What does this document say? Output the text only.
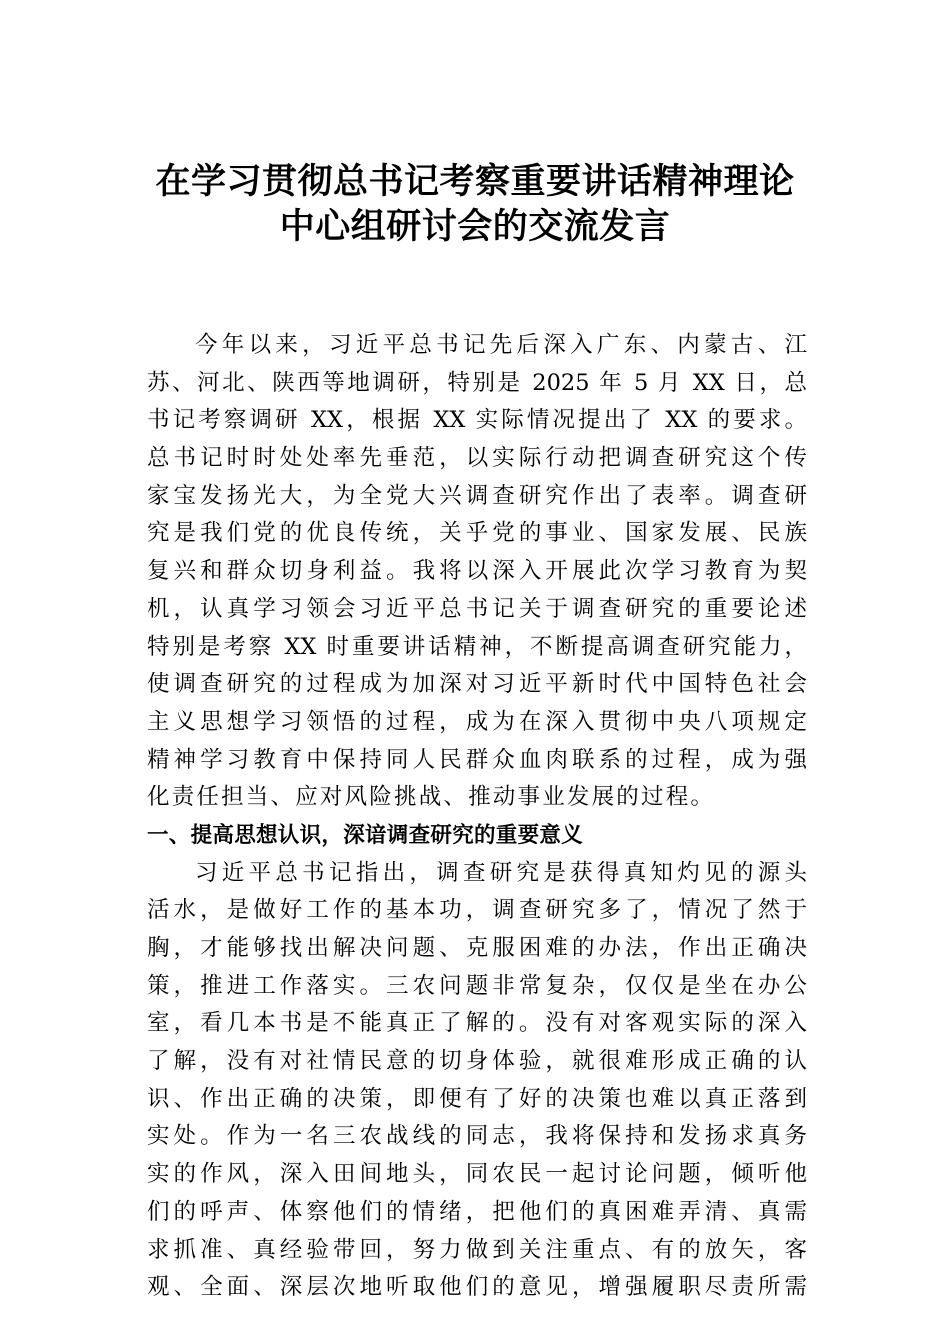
在学习贯彻总书记考察重要讲话精神理论
中心组研讨会的交流发言
今年以来，习近平总书记先后深入广东、内蒙古、江
苏、河北、陕西等地调研，特别是 2025 年 5 月 XX 日，总
书记考察调研 XX，根据 XX 实际情况提出了 XX 的要求。
总书记时时处处率先垂范，以实际行动把调查研究这个传
家宝发扬光大，为全党大兴调查研究作出了表率。调查研
究是我们党的优良传统，关乎党的事业、国家发展、民族
复兴和群众切身利益。我将以深入开展此次学习教育为契
机，认真学习领会习近平总书记关于调查研究的重要论述
特别是考察 XX 时重要讲话精神，不断提高调查研究能力，
使调查研究的过程成为加深对习近平新时代中国特色社会
主义思想学习领悟的过程，成为在深入贯彻中央八项规定
精神学习教育中保持同人民群众血肉联系的过程，成为强
化责任担当、应对风险挑战、推动事业发展的过程。
一、提高思想认识，深谙调查研究的重要意义
习近平总书记指出，调查研究是获得真知灼见的源头
活水，是做好工作的基本功，调查研究多了，情况了然于
胸，才能够找出解决问题、克服困难的办法，作出正确决
策，推进工作落实。三农问题非常复杂，仅仅是坐在办公
室，看几本书是不能真正了解的。没有对客观实际的深入
了解，没有对社情民意的切身体验，就很难形成正确的认
识、作出正确的决策，即便有了好的决策也难以真正落到
实处。作为一名三农战线的同志，我将保持和发扬求真务
实的作风，深入田间地头，同农民一起讨论问题，倾听他
们的呼声、体察他们的情绪，把他们的真困难弄清、真需
求抓准、真经验带回，努力做到关注重点、有的放矢，客
观、全面、深层次地听取他们的意见，增强履职尽责所需
